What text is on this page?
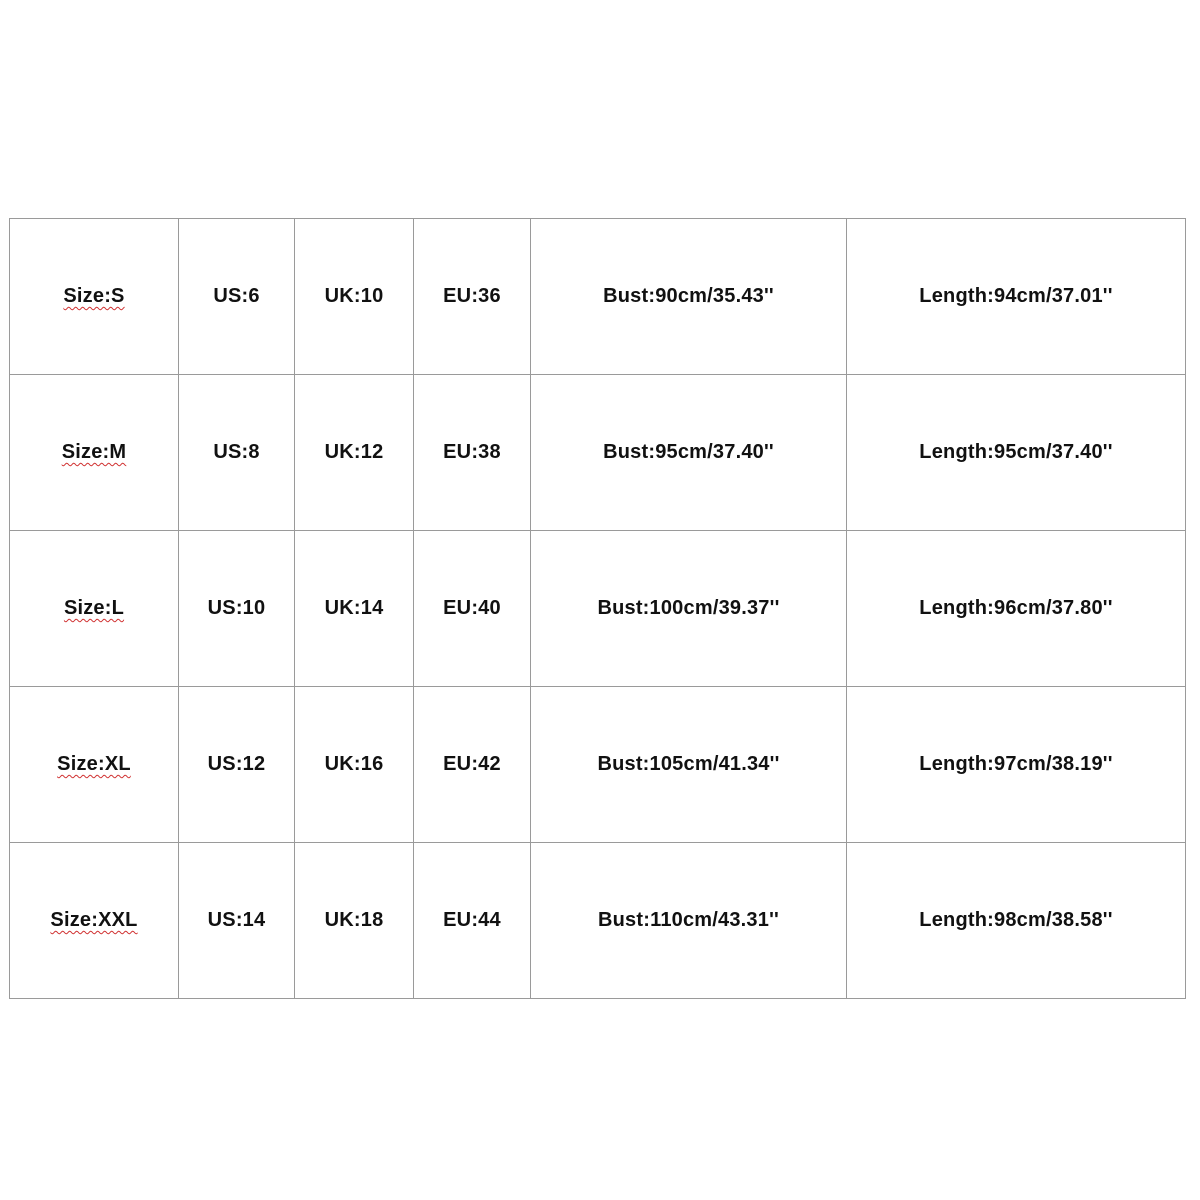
Size:S	US:6	UK:10	EU:36	Bust:90cm/35.43''	Length:94cm/37.01''
Size:M	US:8	UK:12	EU:38	Bust:95cm/37.40''	Length:95cm/37.40''
Size:L	US:10	UK:14	EU:40	Bust:100cm/39.37''	Length:96cm/37.80''
Size:XL	US:12	UK:16	EU:42	Bust:105cm/41.34''	Length:97cm/38.19''
Size:XXL	US:14	UK:18	EU:44	Bust:110cm/43.31''	Length:98cm/38.58''
